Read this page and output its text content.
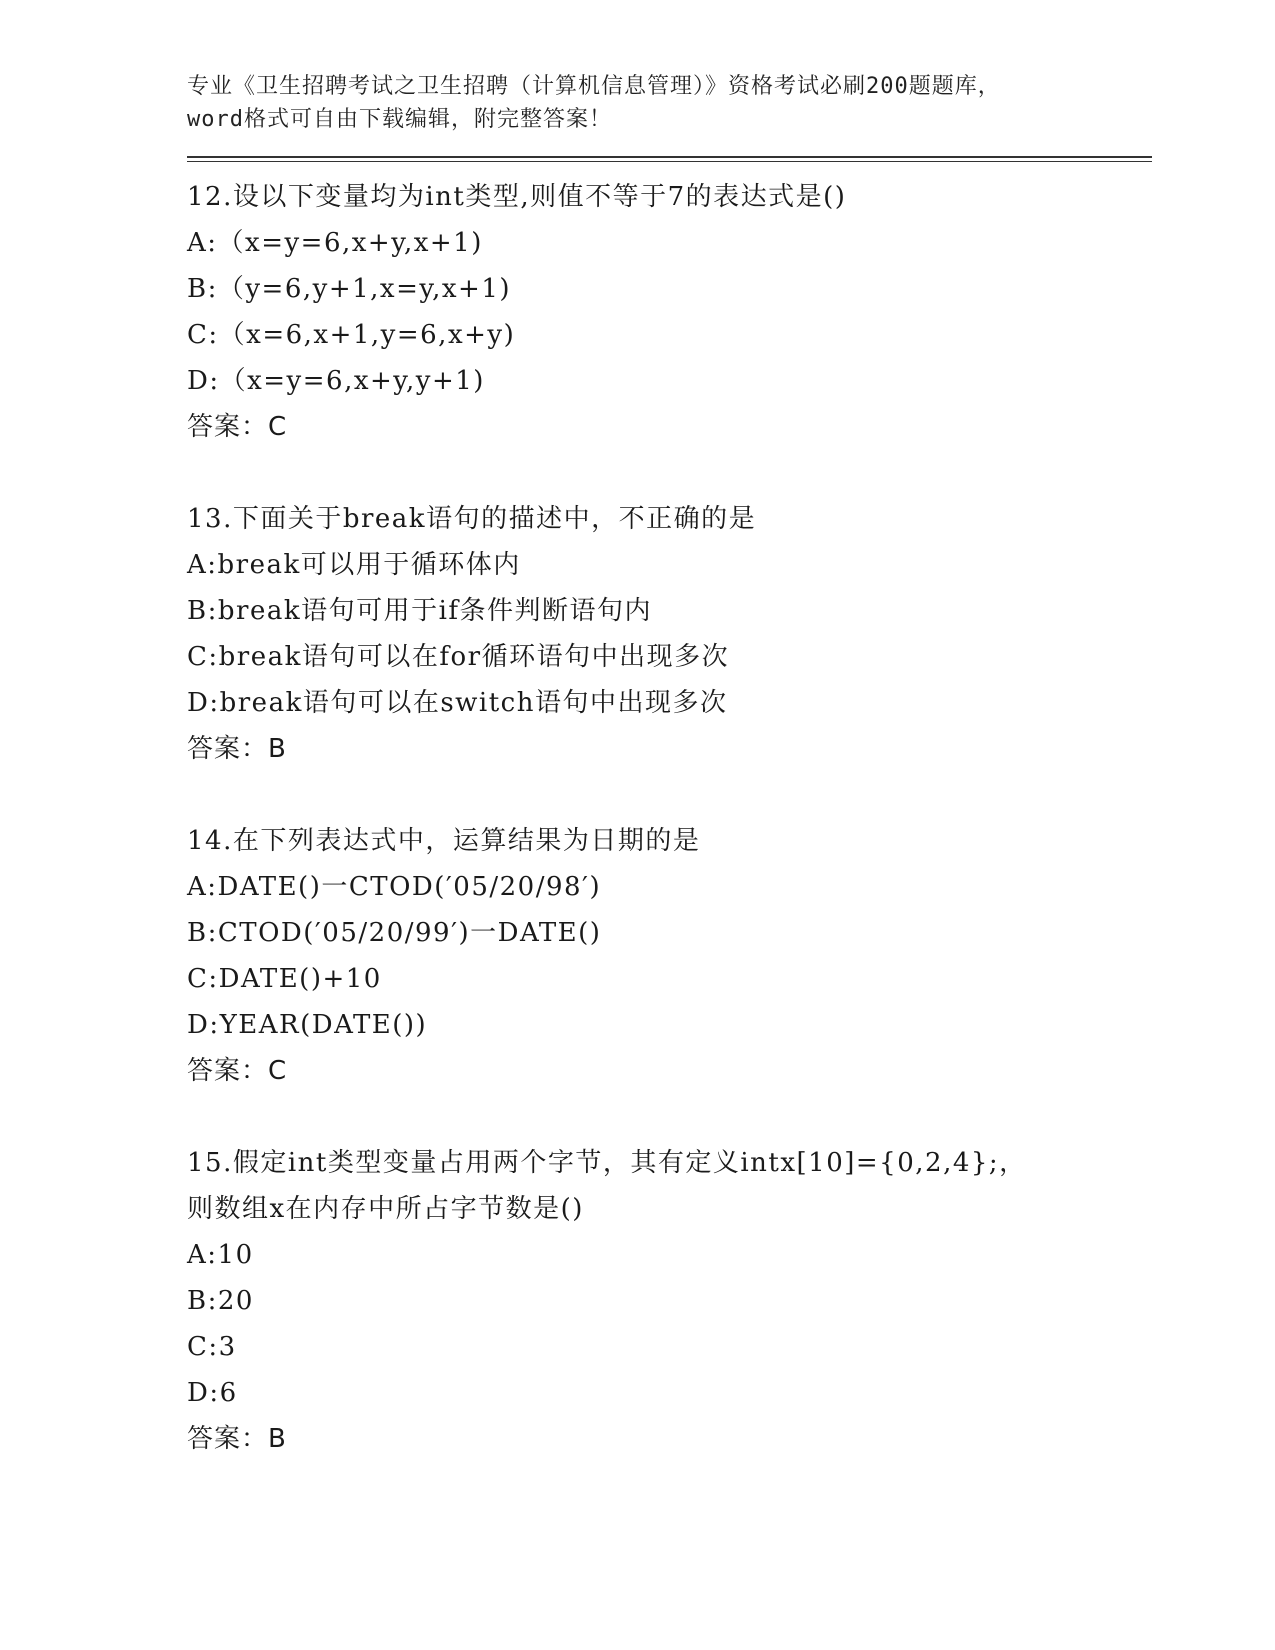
专业《卫生招聘考试之卫生招聘（计算机信息管理）》资格考试必刷200题题库，
word格式可自由下载编辑，附完整答案！
12.设以下变量均为int类型,则值不等于7的表达式是()
A:（x=y=6,x+y,x+1)
B:（y=6,y+1,x=y,x+1)
C:（x=6,x+1,y=6,x+y)
D:（x=y=6,x+y,y+1)
答案：C
13.下面关于break语句的描述中，不正确的是
A:break可以用于循环体内
B:break语句可用于if条件判断语句内
C:break语句可以在for循环语句中出现多次
D:break语句可以在switch语句中出现多次
答案：B
14.在下列表达式中，运算结果为日期的是
A:DATE()一CTOD(′05/20/98′)
B:CTOD(′05/20/99′)一DATE()
C:DATE()+10
D:YEAR(DATE())
答案：C
15.假定int类型变量占用两个字节，其有定义intx[10]={0,2,4};，
则数组x在内存中所占字节数是()
A:10
B:20
C:3
D:6
答案：B
